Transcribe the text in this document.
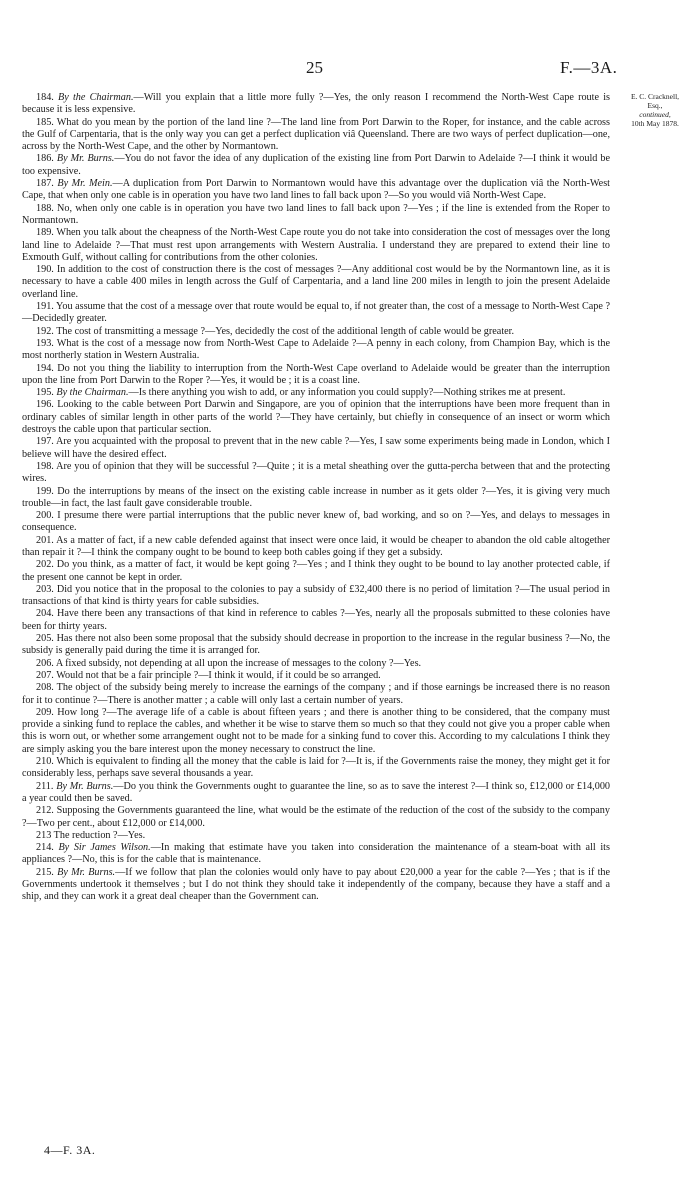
25	F.—3A.
E. C. Cracknell,
Esq.,
continued,
10th May 1878.

184. By the Chairman.—Will you explain that a little more fully ?—Yes, the only reason I recommend the North-West Cape route is because it is less expensive.

185. What do you mean by the portion of the land line ?—The land line from Port Darwin to the Roper, for instance, and the cable across the Gulf of Carpentaria, that is the only way you can get a perfect duplication viâ Queensland. There are two ways of perfect duplication—one, across by the North-West Cape, and the other by Normantown.

186. By Mr. Burns.—You do not favor the idea of any duplication of the existing line from Port Darwin to Adelaide ?—I think it would be too expensive.

187. By Mr. Mein.—A duplication from Port Darwin to Normantown would have this advantage over the duplication viâ the North-West Cape, that when only one cable is in operation you have two land lines to fall back upon ?—So you would viâ North-West Cape.

188. No, when only one cable is in operation you have two land lines to fall back upon ?—Yes ; if the line is extended from the Roper to Normantown.

189. When you talk about the cheapness of the North-West Cape route you do not take into consideration the cost of messages over the long land line to Adelaide ?—That must rest upon arrangements with Western Australia. I understand they are prepared to extend their line to Exmouth Gulf, without calling for contributions from the other colonies.

190. In addition to the cost of construction there is the cost of messages ?—Any additional cost would be by the Normantown line, as it is necessary to have a cable 400 miles in length across the Gulf of Carpentaria, and a land line 200 miles in length to join the present Adelaide overland line.

191. You assume that the cost of a message over that route would be equal to, if not greater than, the cost of a message to North-West Cape ?—Decidedly greater.

192. The cost of transmitting a message ?—Yes, decidedly the cost of the additional length of cable would be greater.

193. What is the cost of a message now from North-West Cape to Adelaide ?—A penny in each colony, from Champion Bay, which is the most northerly station in Western Australia.

194. Do not you thing the liability to interruption from the North-West Cape overland to Adelaide would be greater than the interruption upon the line from Port Darwin to the Roper ?—Yes, it would be ; it is a coast line.

195. By the Chairman.—Is there anything you wish to add, or any information you could supply?—Nothing strikes me at present.

196. Looking to the cable between Port Darwin and Singapore, are you of opinion that the interruptions have been more frequent than in ordinary cables of similar length in other parts of the world ?—They have certainly, but chiefly in consequence of an insect or worm which destroys the cable upon that particular section.

197. Are you acquainted with the proposal to prevent that in the new cable ?—Yes, I saw some experiments being made in London, which I believe will have the desired effect.

198. Are you of opinion that they will be successful ?—Quite ; it is a metal sheathing over the gutta-percha between that and the protecting wires.

199. Do the interruptions by means of the insect on the existing cable increase in number as it gets older ?—Yes, it is giving very much trouble—in fact, the last fault gave considerable trouble.

200. I presume there were partial interruptions that the public never knew of, bad working, and so on ?—Yes, and delays to messages in consequence.

201. As a matter of fact, if a new cable defended against that insect were once laid, it would be cheaper to abandon the old cable altogether than repair it ?—I think the company ought to be bound to keep both cables going if they get a subsidy.

202. Do you think, as a matter of fact, it would be kept going ?—Yes ; and I think they ought to be bound to lay another protected cable, if the present one cannot be kept in order.

203. Did you notice that in the proposal to the colonies to pay a subsidy of £32,400 there is no period of limitation ?—The usual period in transactions of that kind is thirty years for cable subsidies.

204. Have there been any transactions of that kind in reference to cables ?—Yes, nearly all the proposals submitted to these colonies have been for thirty years.

205. Has there not also been some proposal that the subsidy should decrease in proportion to the increase in the regular business ?—No, the subsidy is generally paid during the time it is arranged for.

206. A fixed subsidy, not depending at all upon the increase of messages to the colony ?—Yes.

207. Would not that be a fair principle ?—I think it would, if it could be so arranged.

208. The object of the subsidy being merely to increase the earnings of the company ; and if those earnings be increased there is no reason for it to continue ?—There is another matter ; a cable will only last a certain number of years.

209. How long ?—The average life of a cable is about fifteen years ; and there is another thing to be considered, that the company must provide a sinking fund to replace the cables, and whether it be wise to starve them so much so that they could not give you a proper cable when this is worn out, or whether some arrangement ought not to be made for a sinking fund to cover this. According to my calculations I think they are simply asking you the bare interest upon the money necessary to construct the line.

210. Which is equivalent to finding all the money that the cable is laid for ?—It is, if the Governments raise the money, they might get it for considerably less, perhaps save several thousands a year.

211. By Mr. Burns.—Do you think the Governments ought to guarantee the line, so as to save the interest ?—I think so, £12,000 or £14,000 a year could then be saved.

212. Supposing the Governments guaranteed the line, what would be the estimate of the reduction of the cost of the subsidy to the company ?—Two per cent., about £12,000 or £14,000.

213 The reduction ?—Yes.

214. By Sir James Wilson.—In making that estimate have you taken into consideration the maintenance of a steam-boat with all its appliances ?—No, this is for the cable that is maintenance.

215. By Mr. Burns.—If we follow that plan the colonies would only have to pay about £20,000 a year for the cable ?—Yes ; that is if the Governments undertook it themselves ; but I do not think they should take it independently of the company, because they have a staff and a ship, and they can work it a great deal cheaper than the Government can.

4—F. 3A.
